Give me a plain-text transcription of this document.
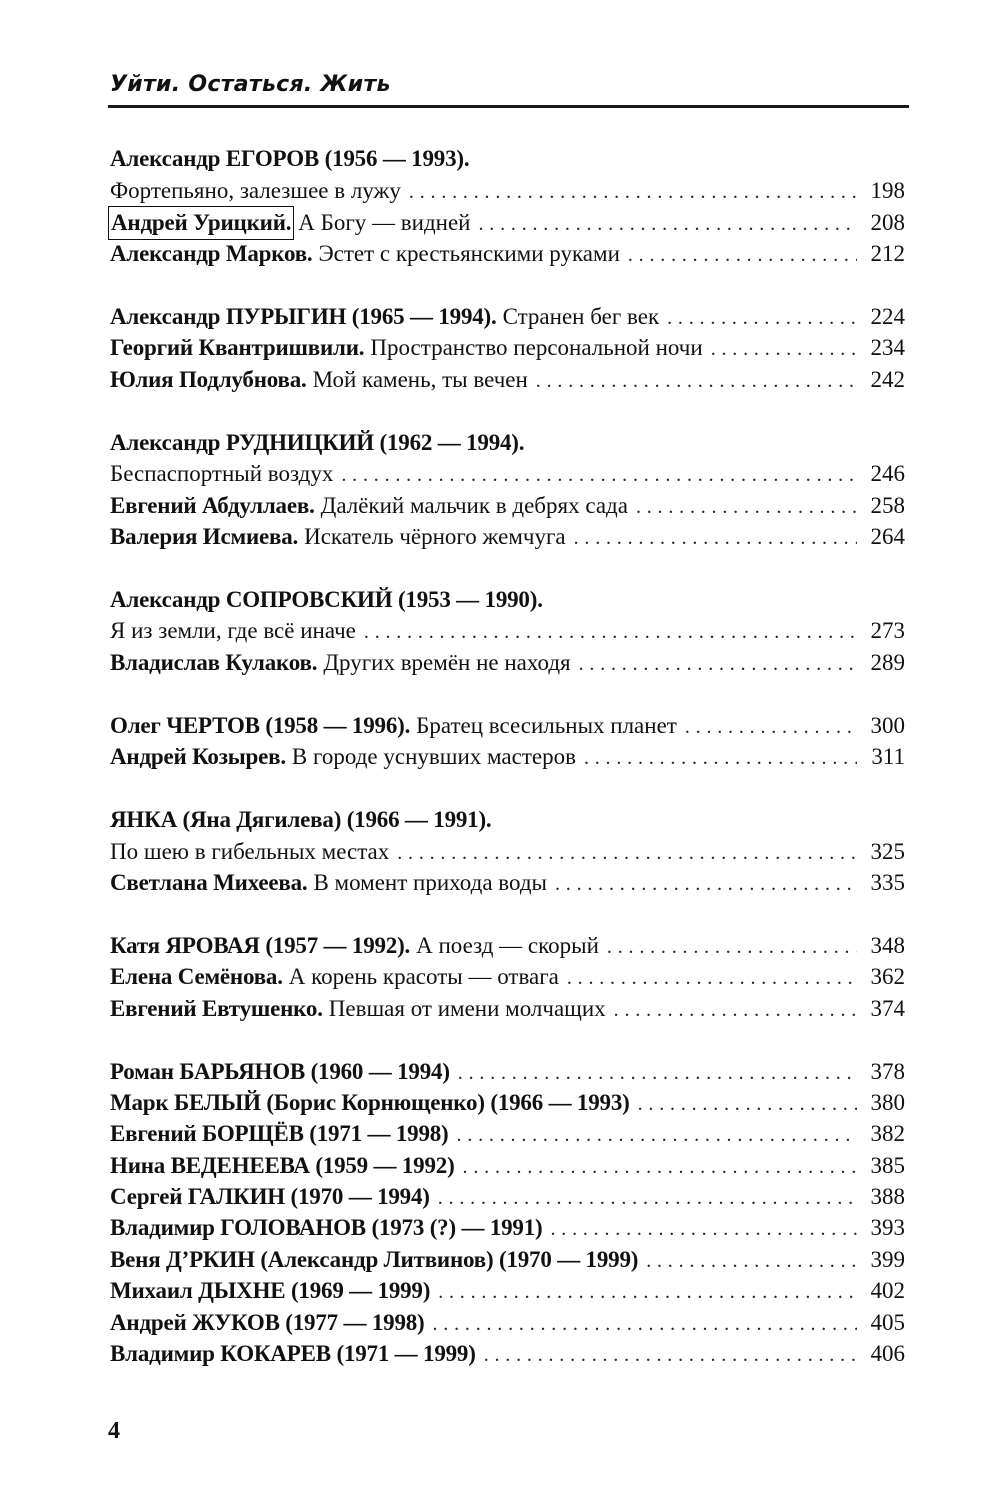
Уйти. Остаться. Жить
Александр ЕГОРОВ (1956 — 1993).
Фортепьяно, залезшее в лужу . . .	198
Андрей Урицкий. А Богу — видней . . .	208
Александр Марков. Эстет с крестьянскими руками . . .	212
Александр ПУРЫГИН (1965 — 1994). Странен бег век . . .	224
Георгий Квантришвили. Пространство персональной ночи . . .	234
Юлия Подлубнова. Мой камень, ты вечен . . .	242
Александр РУДНИЦКИЙ (1962 — 1994).
Беспаспортный воздух . . .	246
Евгений Абдуллаев. Далёкий мальчик в дебрях сада . . .	258
Валерия Исмиева. Искатель чёрного жемчуга . . .	264
Александр СОПРОВСКИЙ (1953 — 1990).
Я из земли, где всё иначе . . .	273
Владислав Кулаков. Других времён не находя . . .	289
Олег ЧЕРТОВ (1958 — 1996). Братец всесильных планет . . .	300
Андрей Козырев. В городе уснувших мастеров . . .	311
ЯНКА (Яна Дягилева) (1966 — 1991).
По шею в гибельных местах . . .	325
Светлана Михеева. В момент прихода воды . . .	335
Катя ЯРОВАЯ (1957 — 1992). А поезд — скорый . . .	348
Елена Семёнова. А корень красоты — отвага . . .	362
Евгений Евтушенко. Певшая от имени молчащих . . .	374
Роман БАРЬЯНОВ (1960 — 1994) . . .	378
Марк БЕЛЫЙ (Борис Корнющенко) (1966 — 1993) . . .	380
Евгений БОРЩЁВ (1971 — 1998) . . .	382
Нина ВЕДЕНЕЕВА (1959 — 1992) . . .	385
Сергей ГАЛКИН (1970 — 1994) . . .	388
Владимир ГОЛОВАНОВ (1973 (?) — 1991) . . .	393
Веня Д’РКИН (Александр Литвинов) (1970 — 1999) . . .	399
Михаил ДЫХНЕ (1969 — 1999) . . .	402
Андрей ЖУКОВ (1977 — 1998) . . .	405
Владимир КОКАРЕВ (1971 — 1999) . . .	406
4
